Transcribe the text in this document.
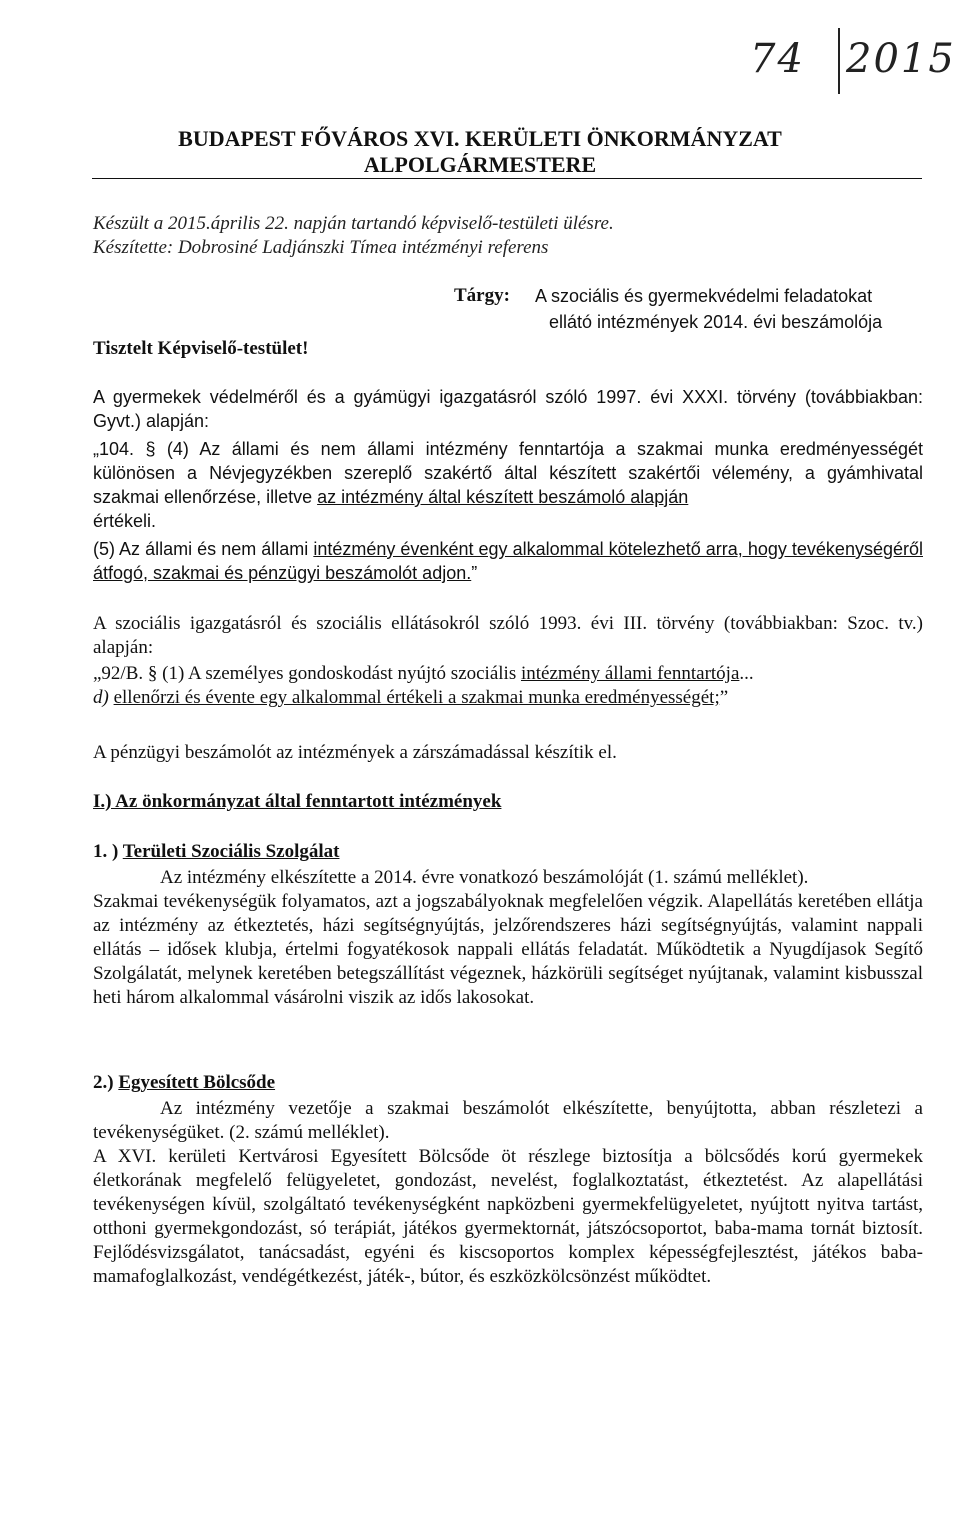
74 2015
BUDAPEST FŐVÁROS XVI. KERÜLETI ÖNKORMÁNYZAT
ALPOLGÁRMESTERE
Készült a 2015.április 22. napján tartandó képviselő-testületi ülésre.
Készítette: Dobrosiné Ladjánszki Tímea intézményi referens
Tárgy: A szociális és gyermekvédelmi feladatokat
ellátó intézmények 2014. évi beszámolója
Tisztelt Képviselő-testület!
A gyermekek védelméről és a gyámügyi igazgatásról szóló 1997. évi XXXI. törvény (továbbiakban: Gyvt.) alapján:
„104. § (4) Az állami és nem állami intézmény fenntartója a szakmai munka eredményességét különösen a Névjegyzékben szereplő szakértő által készített szakértői vélemény, a gyámhivatal szakmai ellenőrzése, illetve az intézmény által készített beszámoló alapján
értékeli.
(5) Az állami és nem állami intézmény évenként egy alkalommal kötelezhető arra, hogy tevékenységéről átfogó, szakmai és pénzügyi beszámolót adjon.”
A szociális igazgatásról és szociális ellátásokról szóló 1993. évi III. törvény (továbbiakban: Szoc. tv.) alapján:
„92/B. § (1) A személyes gondoskodást nyújtó szociális intézmény állami fenntartója...
d) ellenőrzi és évente egy alkalommal értékeli a szakmai munka eredményességét;”
A pénzügyi beszámolót az intézmények a zárszámadással készítik el.
I.) Az önkormányzat által fenntartott intézmények
1. ) Területi Szociális Szolgálat
Az intézmény elkészítette a 2014. évre vonatkozó beszámolóját (1. számú melléklet).
Szakmai tevékenységük folyamatos, azt a jogszabályoknak megfelelően végzik. Alapellátás keretében ellátja az intézmény az étkeztetés, házi segítségnyújtás, jelzőrendszeres házi segítségnyújtás, valamint nappali ellátás – idősek klubja, értelmi fogyatékosok nappali ellátás feladatát. Működtetik a Nyugdíjasok Segítő Szolgálatát, melynek keretében betegszállítást végeznek, házkörüli segítséget nyújtanak, valamint kisbusszal heti három alkalommal vásárolni viszik az idős lakosokat.
2.) Egyesített Bölcsőde
Az intézmény vezetője a szakmai beszámolót elkészítette, benyújtotta, abban részletezi a tevékenységüket. (2. számú melléklet).
A XVI. kerületi Kertvárosi Egyesített Bölcsőde öt részlege biztosítja a bölcsődés korú gyermekek életkorának megfelelő felügyeletet, gondozást, nevelést, foglalkoztatást, étkeztetést. Az alapellátási tevékenységen kívül, szolgáltató tevékenységként napközbeni gyermekfelügyeletet, nyújtott nyitva tartást, otthoni gyermekgondozást, só terápiát, játékos gyermektornát, játszócsoportot, baba-mama tornát biztosít. Fejlődésvizsgálatot, tanácsadást, egyéni és kiscsoportos komplex képességfejlesztést, játékos baba-mamafoglalkozást, vendégétkezést, játék-, bútor, és eszközkölcsönzést működtet.
